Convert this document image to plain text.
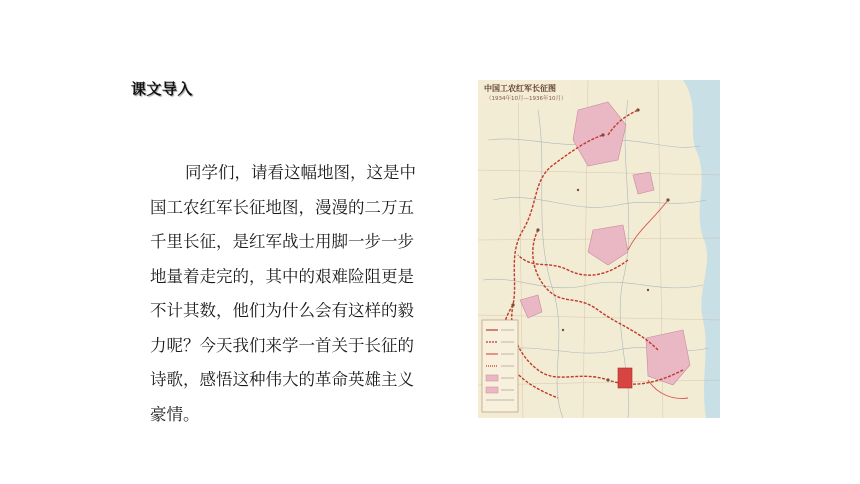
课文导入

同学们，请看这幅地图，这是中
国工农红军长征地图，漫漫的二万五
千里长征，是红军战士用脚一步一步
地量着走完的，其中的艰难险阻更是
不计其数，他们为什么会有这样的毅
力呢？今天我们来学一首关于长征的
诗歌，感悟这种伟大的革命英雄主义
豪情。

中国工农红军长征图
（1934年10月—1936年10月）
